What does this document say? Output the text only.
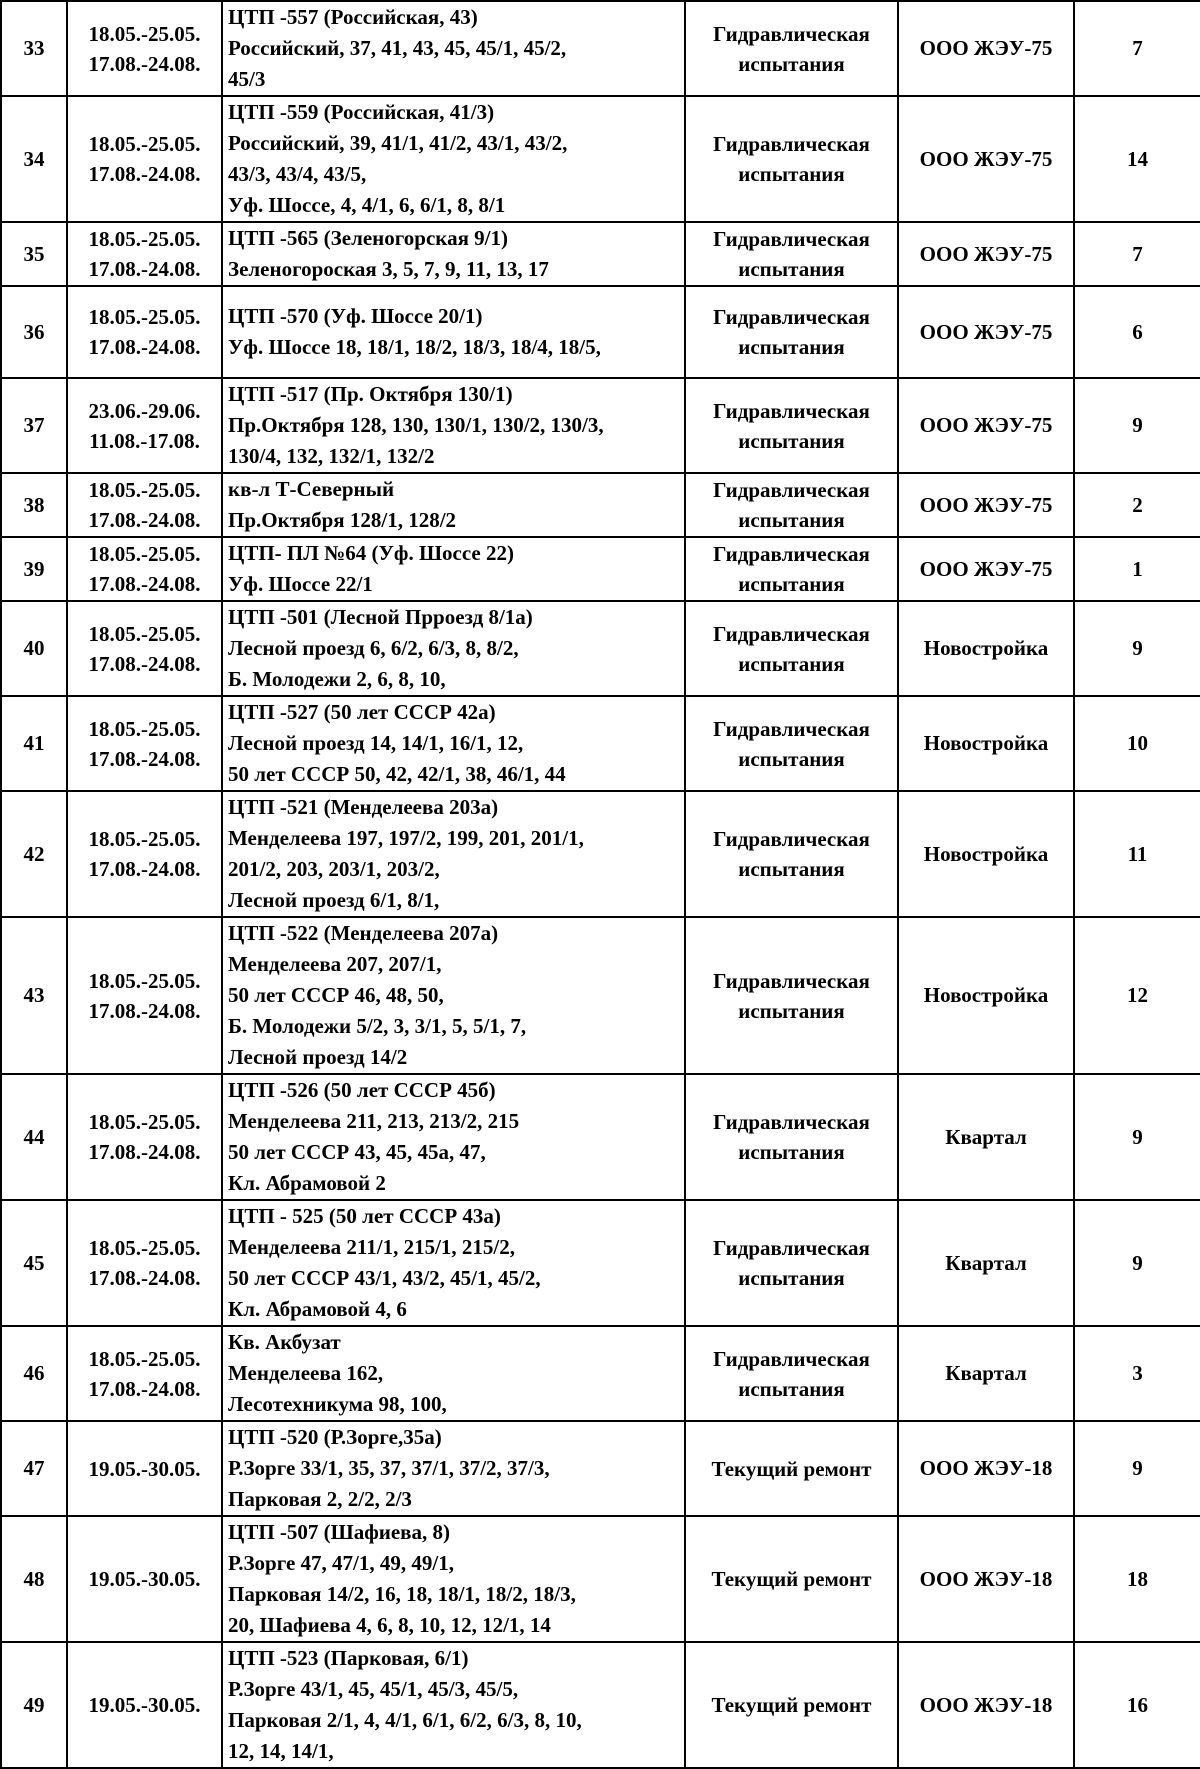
33	18.05.-25.05.
17.08.-24.08.	ЦТП -557 (Российская, 43)
Российский, 37, 41, 43, 45, 45/1, 45/2,
45/3	Гидравлическая
испытания	ООО ЖЭУ-75	7
34	18.05.-25.05.
17.08.-24.08.	ЦТП -559 (Российская, 41/3)
Российский, 39, 41/1, 41/2, 43/1, 43/2,
43/3, 43/4, 43/5,
Уф. Шоссе, 4, 4/1, 6, 6/1, 8, 8/1	Гидравлическая
испытания	ООО ЖЭУ-75	14
35	18.05.-25.05.
17.08.-24.08.	ЦТП -565 (Зеленогорская 9/1)
Зеленогороская 3, 5, 7, 9, 11, 13, 17	Гидравлическая
испытания	ООО ЖЭУ-75	7
36	18.05.-25.05.
17.08.-24.08.	ЦТП -570 (Уф. Шоссе 20/1)
Уф. Шоссе 18, 18/1, 18/2, 18/3, 18/4, 18/5,	Гидравлическая
испытания	ООО ЖЭУ-75	6
37	23.06.-29.06.
11.08.-17.08.	ЦТП -517 (Пр. Октября 130/1)
Пр.Октября 128, 130, 130/1, 130/2, 130/3,
130/4, 132, 132/1, 132/2	Гидравлическая
испытания	ООО ЖЭУ-75	9
38	18.05.-25.05.
17.08.-24.08.	кв-л Т-Северный
Пр.Октября 128/1, 128/2	Гидравлическая
испытания	ООО ЖЭУ-75	2
39	18.05.-25.05.
17.08.-24.08.	ЦТП- ПЛ №64 (Уф. Шоссе 22)
Уф. Шоссе 22/1	Гидравлическая
испытания	ООО ЖЭУ-75	1
40	18.05.-25.05.
17.08.-24.08.	ЦТП -501 (Лесной Прроезд 8/1а)
Лесной проезд 6, 6/2, 6/3, 8, 8/2,
Б. Молодежи 2, 6, 8, 10,	Гидравлическая
испытания	Новостройка	9
41	18.05.-25.05.
17.08.-24.08.	ЦТП -527 (50 лет СССР 42а)
Лесной проезд 14, 14/1, 16/1, 12,
50 лет СССР 50, 42, 42/1, 38, 46/1, 44	Гидравлическая
испытания	Новостройка	10
42	18.05.-25.05.
17.08.-24.08.	ЦТП -521 (Менделеева 203а)
Менделеева 197, 197/2, 199, 201, 201/1,
201/2, 203, 203/1, 203/2,
Лесной проезд 6/1, 8/1,	Гидравлическая
испытания	Новостройка	11
43	18.05.-25.05.
17.08.-24.08.	ЦТП -522 (Менделеева 207а)
Менделеева 207, 207/1,
50 лет СССР 46, 48, 50,
Б. Молодежи 5/2, 3, 3/1, 5, 5/1, 7,
Лесной проезд 14/2	Гидравлическая
испытания	Новостройка	12
44	18.05.-25.05.
17.08.-24.08.	ЦТП -526 (50 лет СССР 45б)
Менделеева 211, 213, 213/2, 215
50 лет СССР 43, 45, 45а, 47,
Кл. Абрамовой 2	Гидравлическая
испытания	Квартал	9
45	18.05.-25.05.
17.08.-24.08.	ЦТП - 525 (50 лет СССР 43а)
Менделеева 211/1, 215/1, 215/2,
50 лет СССР 43/1, 43/2, 45/1, 45/2,
Кл. Абрамовой 4, 6	Гидравлическая
испытания	Квартал	9
46	18.05.-25.05.
17.08.-24.08.	Кв. Акбузат
Менделеева 162,
Лесотехникума 98, 100,	Гидравлическая
испытания	Квартал	3
47	19.05.-30.05.	ЦТП -520 (Р.Зорге,35а)
Р.Зорге 33/1, 35, 37, 37/1, 37/2, 37/3,
Парковая 2, 2/2, 2/3	Текущий ремонт	ООО ЖЭУ-18	9
48	19.05.-30.05.	ЦТП -507 (Шафиева, 8)
Р.Зорге 47, 47/1, 49, 49/1,
Парковая 14/2, 16, 18, 18/1, 18/2, 18/3,
20, Шафиева 4, 6, 8, 10, 12, 12/1, 14	Текущий ремонт	ООО ЖЭУ-18	18
49	19.05.-30.05.	ЦТП -523 (Парковая, 6/1)
Р.Зорге 43/1, 45, 45/1, 45/3, 45/5,
Парковая 2/1, 4, 4/1, 6/1, 6/2, 6/3, 8, 10,
12, 14, 14/1,	Текущий ремонт	ООО ЖЭУ-18	16
